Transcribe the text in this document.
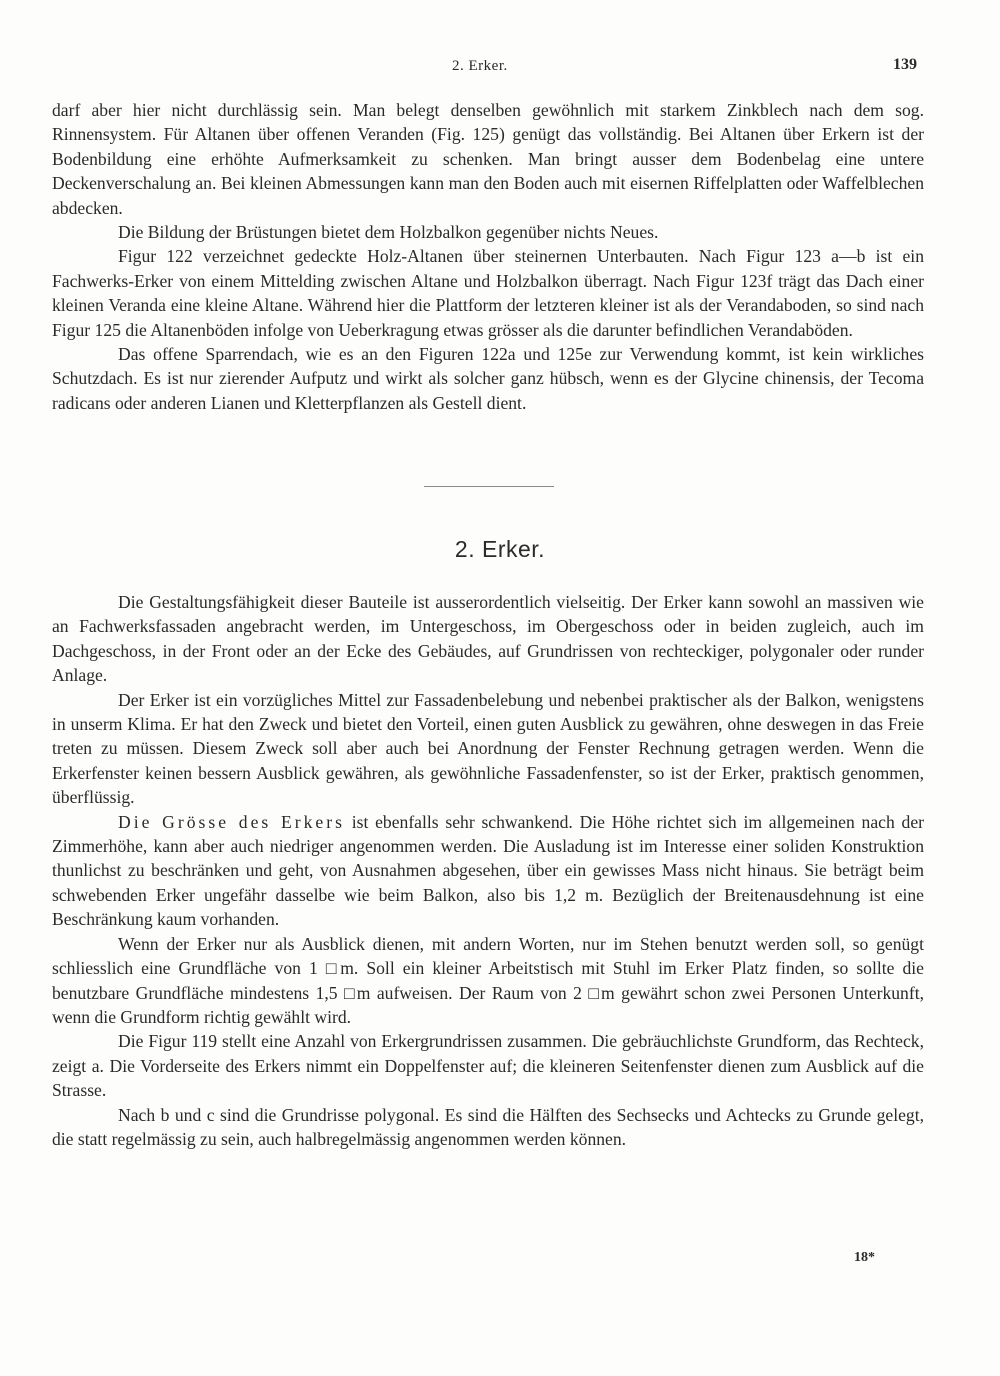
2. Erker.	139

darf aber hier nicht durchlässig sein. Man belegt denselben gewöhnlich mit starkem Zinkblech nach dem sog. Rinnensystem. Für Altanen über offenen Veranden (Fig. 125) genügt das vollständig. Bei Altanen über Erkern ist der Bodenbildung eine erhöhte Aufmerksamkeit zu schenken. Man bringt ausser dem Bodenbelag eine untere Deckenverschalung an. Bei kleinen Abmessungen kann man den Boden auch mit eisernen Riffelplatten oder Waffelblechen abdecken.

Die Bildung der Brüstungen bietet dem Holzbalkon gegenüber nichts Neues.

Figur 122 verzeichnet gedeckte Holz-Altanen über steinernen Unterbauten. Nach Figur 123 a—b ist ein Fachwerks-Erker von einem Mittelding zwischen Altane und Holzbalkon überragt. Nach Figur 123f trägt das Dach einer kleinen Veranda eine kleine Altane. Während hier die Plattform der letzteren kleiner ist als der Verandaboden, so sind nach Figur 125 die Altanenböden infolge von Ueberkragung etwas grösser als die darunter befindlichen Verandaböden.

Das offene Sparrendach, wie es an den Figuren 122a und 125e zur Verwendung kommt, ist kein wirkliches Schutzdach. Es ist nur zierender Aufputz und wirkt als solcher ganz hübsch, wenn es der Glycine chinensis, der Tecoma radicans oder anderen Lianen und Kletterpflanzen als Gestell dient.

2. Erker.

Die Gestaltungsfähigkeit dieser Bauteile ist ausserordentlich vielseitig. Der Erker kann sowohl an massiven wie an Fachwerksfassaden angebracht werden, im Untergeschoss, im Obergeschoss oder in beiden zugleich, auch im Dachgeschoss, in der Front oder an der Ecke des Gebäudes, auf Grundrissen von rechteckiger, polygonaler oder runder Anlage.

Der Erker ist ein vorzügliches Mittel zur Fassadenbelebung und nebenbei praktischer als der Balkon, wenigstens in unserm Klima. Er hat den Zweck und bietet den Vorteil, einen guten Ausblick zu gewähren, ohne deswegen in das Freie treten zu müssen. Diesem Zweck soll aber auch bei Anordnung der Fenster Rechnung getragen werden. Wenn die Erkerfenster keinen bessern Ausblick gewähren, als gewöhnliche Fassadenfenster, so ist der Erker, praktisch genommen, überflüssig.

Die Grösse des Erkers ist ebenfalls sehr schwankend. Die Höhe richtet sich im allgemeinen nach der Zimmerhöhe, kann aber auch niedriger angenommen werden. Die Ausladung ist im Interesse einer soliden Konstruktion thunlichst zu beschränken und geht, von Ausnahmen abgesehen, über ein gewisses Mass nicht hinaus. Sie beträgt beim schwebenden Erker ungefähr dasselbe wie beim Balkon, also bis 1,2 m. Bezüglich der Breitenausdehnung ist eine Beschränkung kaum vorhanden.

Wenn der Erker nur als Ausblick dienen, mit andern Worten, nur im Stehen benutzt werden soll, so genügt schliesslich eine Grundfläche von 1 □m. Soll ein kleiner Arbeitstisch mit Stuhl im Erker Platz finden, so sollte die benutzbare Grundfläche mindestens 1,5 □m aufweisen. Der Raum von 2 □m gewährt schon zwei Personen Unterkunft, wenn die Grundform richtig gewählt wird.

Die Figur 119 stellt eine Anzahl von Erkergrundrissen zusammen. Die gebräuchlichste Grundform, das Rechteck, zeigt a. Die Vorderseite des Erkers nimmt ein Doppelfenster auf; die kleineren Seitenfenster dienen zum Ausblick auf die Strasse.

Nach b und c sind die Grundrisse polygonal. Es sind die Hälften des Sechsecks und Achtecks zu Grunde gelegt, die statt regelmässig zu sein, auch halbregelmässig angenommen werden können.

18*
